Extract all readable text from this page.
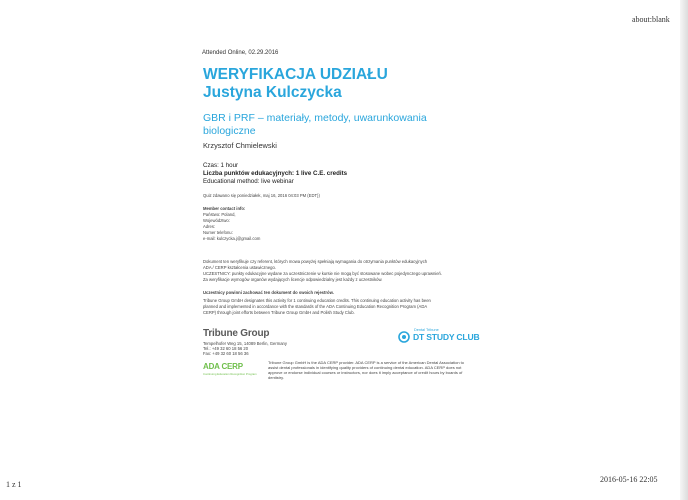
about:blank
1 z 1
2016-05-16 22:05
Attended Online, 02.29.2016
WERYFIKACJA UDZIAŁU
Justyna Kulczycka
GBR i PRF – materiały, metody, uwarunkowania
biologiczne
Krzysztof Chmielewski
Czas: 1 hour
Liczba punktów edukacyjnych: 1 live C.E. credits
Educational method: live webinar
Quiz zdawano się poniedziałek, maj 16, 2016 04:03 PM (EDT))
Member contact info:
Państwo: Poland,
Województwo:
Adres:
Numer telefonu:
e-mail: kulczycka.j@gmail.com
Dokument ten weryfikuje czy referent, których mowa powyżej spełniają wymagania do otrzymania punktów edukacyjnych
ADA / CERP kształcenia ustawicznego.
UCZESTNICY: punkty edukacyjne wydane za uczestniczenie w kursie nie mogą być stosowane wobec pojedynczego uprawnień.
Za weryfikacje wymogów organów wydających licencje odpowiedzialny jest każdy z uczestników.
Uczestnicy powinni zachować ten dokument do swoich rejestrów.
Tribune Group GmbH designates this activity for 1 continuing education credits. This continuing education activity has been
planned and implemented in accordance with the standards of the ADA Continuing Education Recognition Program (ADA
CERP) through joint efforts between Tribune Group GmbH and Polish Study Club.
Tribune Group
Tempelhofer Weg 15, 14089 Berlin, Germany
Tel.: +49 32 60 18 56 20
Fax: +49 32 60 18 56 36
Dental Tribune
DT STUDY CLUB
ADA CERP
Continuing Education Recognition Program
Tribune Group GmbH is the ADA CERP provider. ADA CERP is a service of the American Dental Association to
assist dental professionals in identifying quality providers of continuing dental education. ADA CERP does not
approve or endorse individual courses or instructors, nor does it imply acceptance of credit hours by boards of
dentistry.
